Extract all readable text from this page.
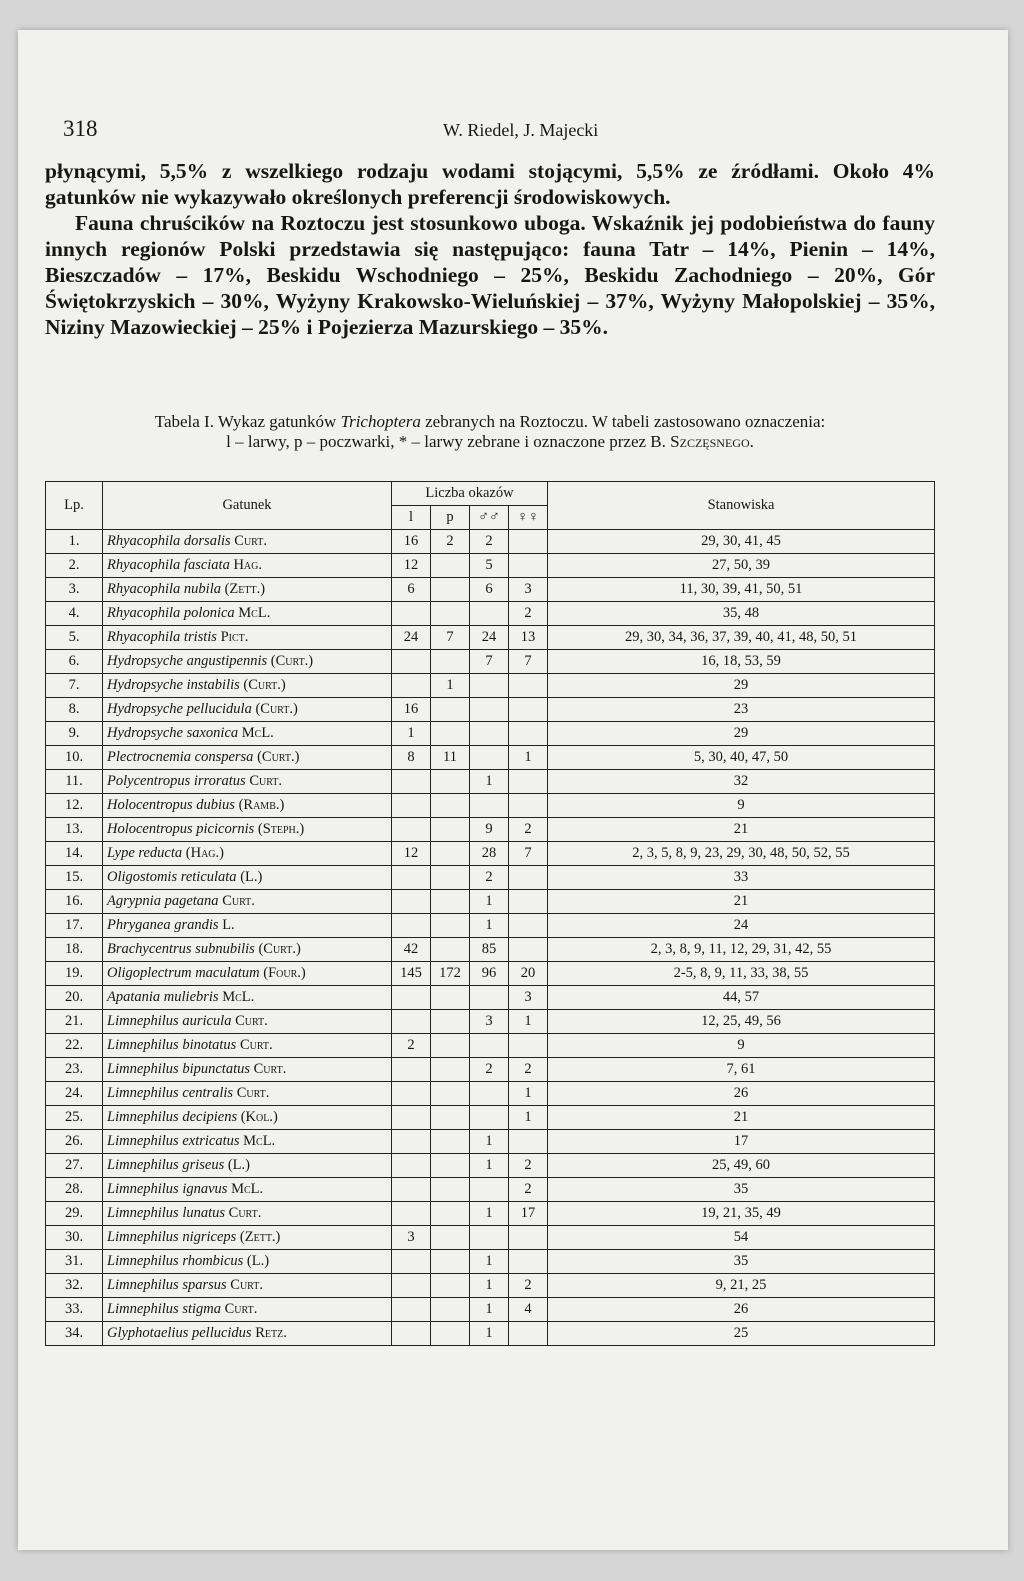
318	W. Riedel, J. Majecki

płynącymi, 5,5% z wszelkiego rodzaju wodami stojącymi, 5,5% ze źródłami. Około 4% gatunków nie wykazywało określonych preferencji środowiskowych.

Fauna chruścików na Roztoczu jest stosunkowo uboga. Wskaźnik jej podobieństwa do fauny innych regionów Polski przedstawia się następująco: fauna Tatr – 14%, Pienin – 14%, Bieszczadów – 17%, Beskidu Wschodniego – 25%, Beskidu Zachodniego – 20%, Gór Świętokrzyskich – 30%, Wyżyny Krakowsko-Wieluńskiej – 37%, Wyżyny Małopolskiej – 35%, Niziny Mazowieckiej – 25% i Pojezierza Mazurskiego – 35%.

Tabela I. Wykaz gatunków Trichoptera zebranych na Roztoczu. W tabeli zastosowano oznaczenia:

l – larwy, p – poczwarki, * – larwy zebrane i oznaczone przez B. Szczęsnego.

Lp.	Gatunek	Liczba okazów				Stanowiska
		l	p	♂♂	♀♀	
1.	Rhyacophila dorsalis Curt.	16	2	2		29, 30, 41, 45
2.	Rhyacophila fasciata Hag.	12		5		27, 50, 39
3.	Rhyacophila nubila (Zett.)	6		6	3	11, 30, 39, 41, 50, 51
4.	Rhyacophila polonica McL.				2	35, 48
5.	Rhyacophila tristis Pict.	24	7	24	13	29, 30, 34, 36, 37, 39, 40, 41, 48, 50, 51
6.	Hydropsyche angustipennis (Curt.)			7	7	16, 18, 53, 59
7.	Hydropsyche instabilis (Curt.)		1			29
8.	Hydropsyche pellucidula (Curt.)	16				23
9.	Hydropsyche saxonica McL.	1				29
10.	Plectrocnemia conspersa (Curt.)	8	11		1	5, 30, 40, 47, 50
11.	Polycentropus irroratus Curt.			1		32
12.	Holocentropus dubius (Ramb.)					9
13.	Holocentropus picicornis (Steph.)			9	2	21
14.	Lype reducta (Hag.)	12		28	7	2, 3, 5, 8, 9, 23, 29, 30, 48, 50, 52, 55
15.	Oligostomis reticulata (L.)			2		33
16.	Agrypnia pagetana Curt.			1		21
17.	Phryganea grandis L.			1		24
18.	Brachycentrus subnubilis (Curt.)	42		85		2, 3, 8, 9, 11, 12, 29, 31, 42, 55
19.	Oligoplectrum maculatum (Four.)	145	172	96	20	2-5, 8, 9, 11, 33, 38, 55
20.	Apatania muliebris McL.				3	44, 57
21.	Limnephilus auricula Curt.			3	1	12, 25, 49, 56
22.	Limnephilus binotatus Curt.	2				9
23.	Limnephilus bipunctatus Curt.			2	2	7, 61
24.	Limnephilus centralis Curt.				1	26
25.	Limnephilus decipiens (Kol.)				1	21
26.	Limnephilus extricatus McL.			1		17
27.	Limnephilus griseus (L.)			1	2	25, 49, 60
28.	Limnephilus ignavus McL.				2	35
29.	Limnephilus lunatus Curt.			1	17	19, 21, 35, 49
30.	Limnephilus nigriceps (Zett.)	3				54
31.	Limnephilus rhombicus (L.)			1		35
32.	Limnephilus sparsus Curt.			1	2	9, 21, 25
33.	Limnephilus stigma Curt.			1	4	26
34.	Glyphotaelius pellucidus Retz.			1		25
